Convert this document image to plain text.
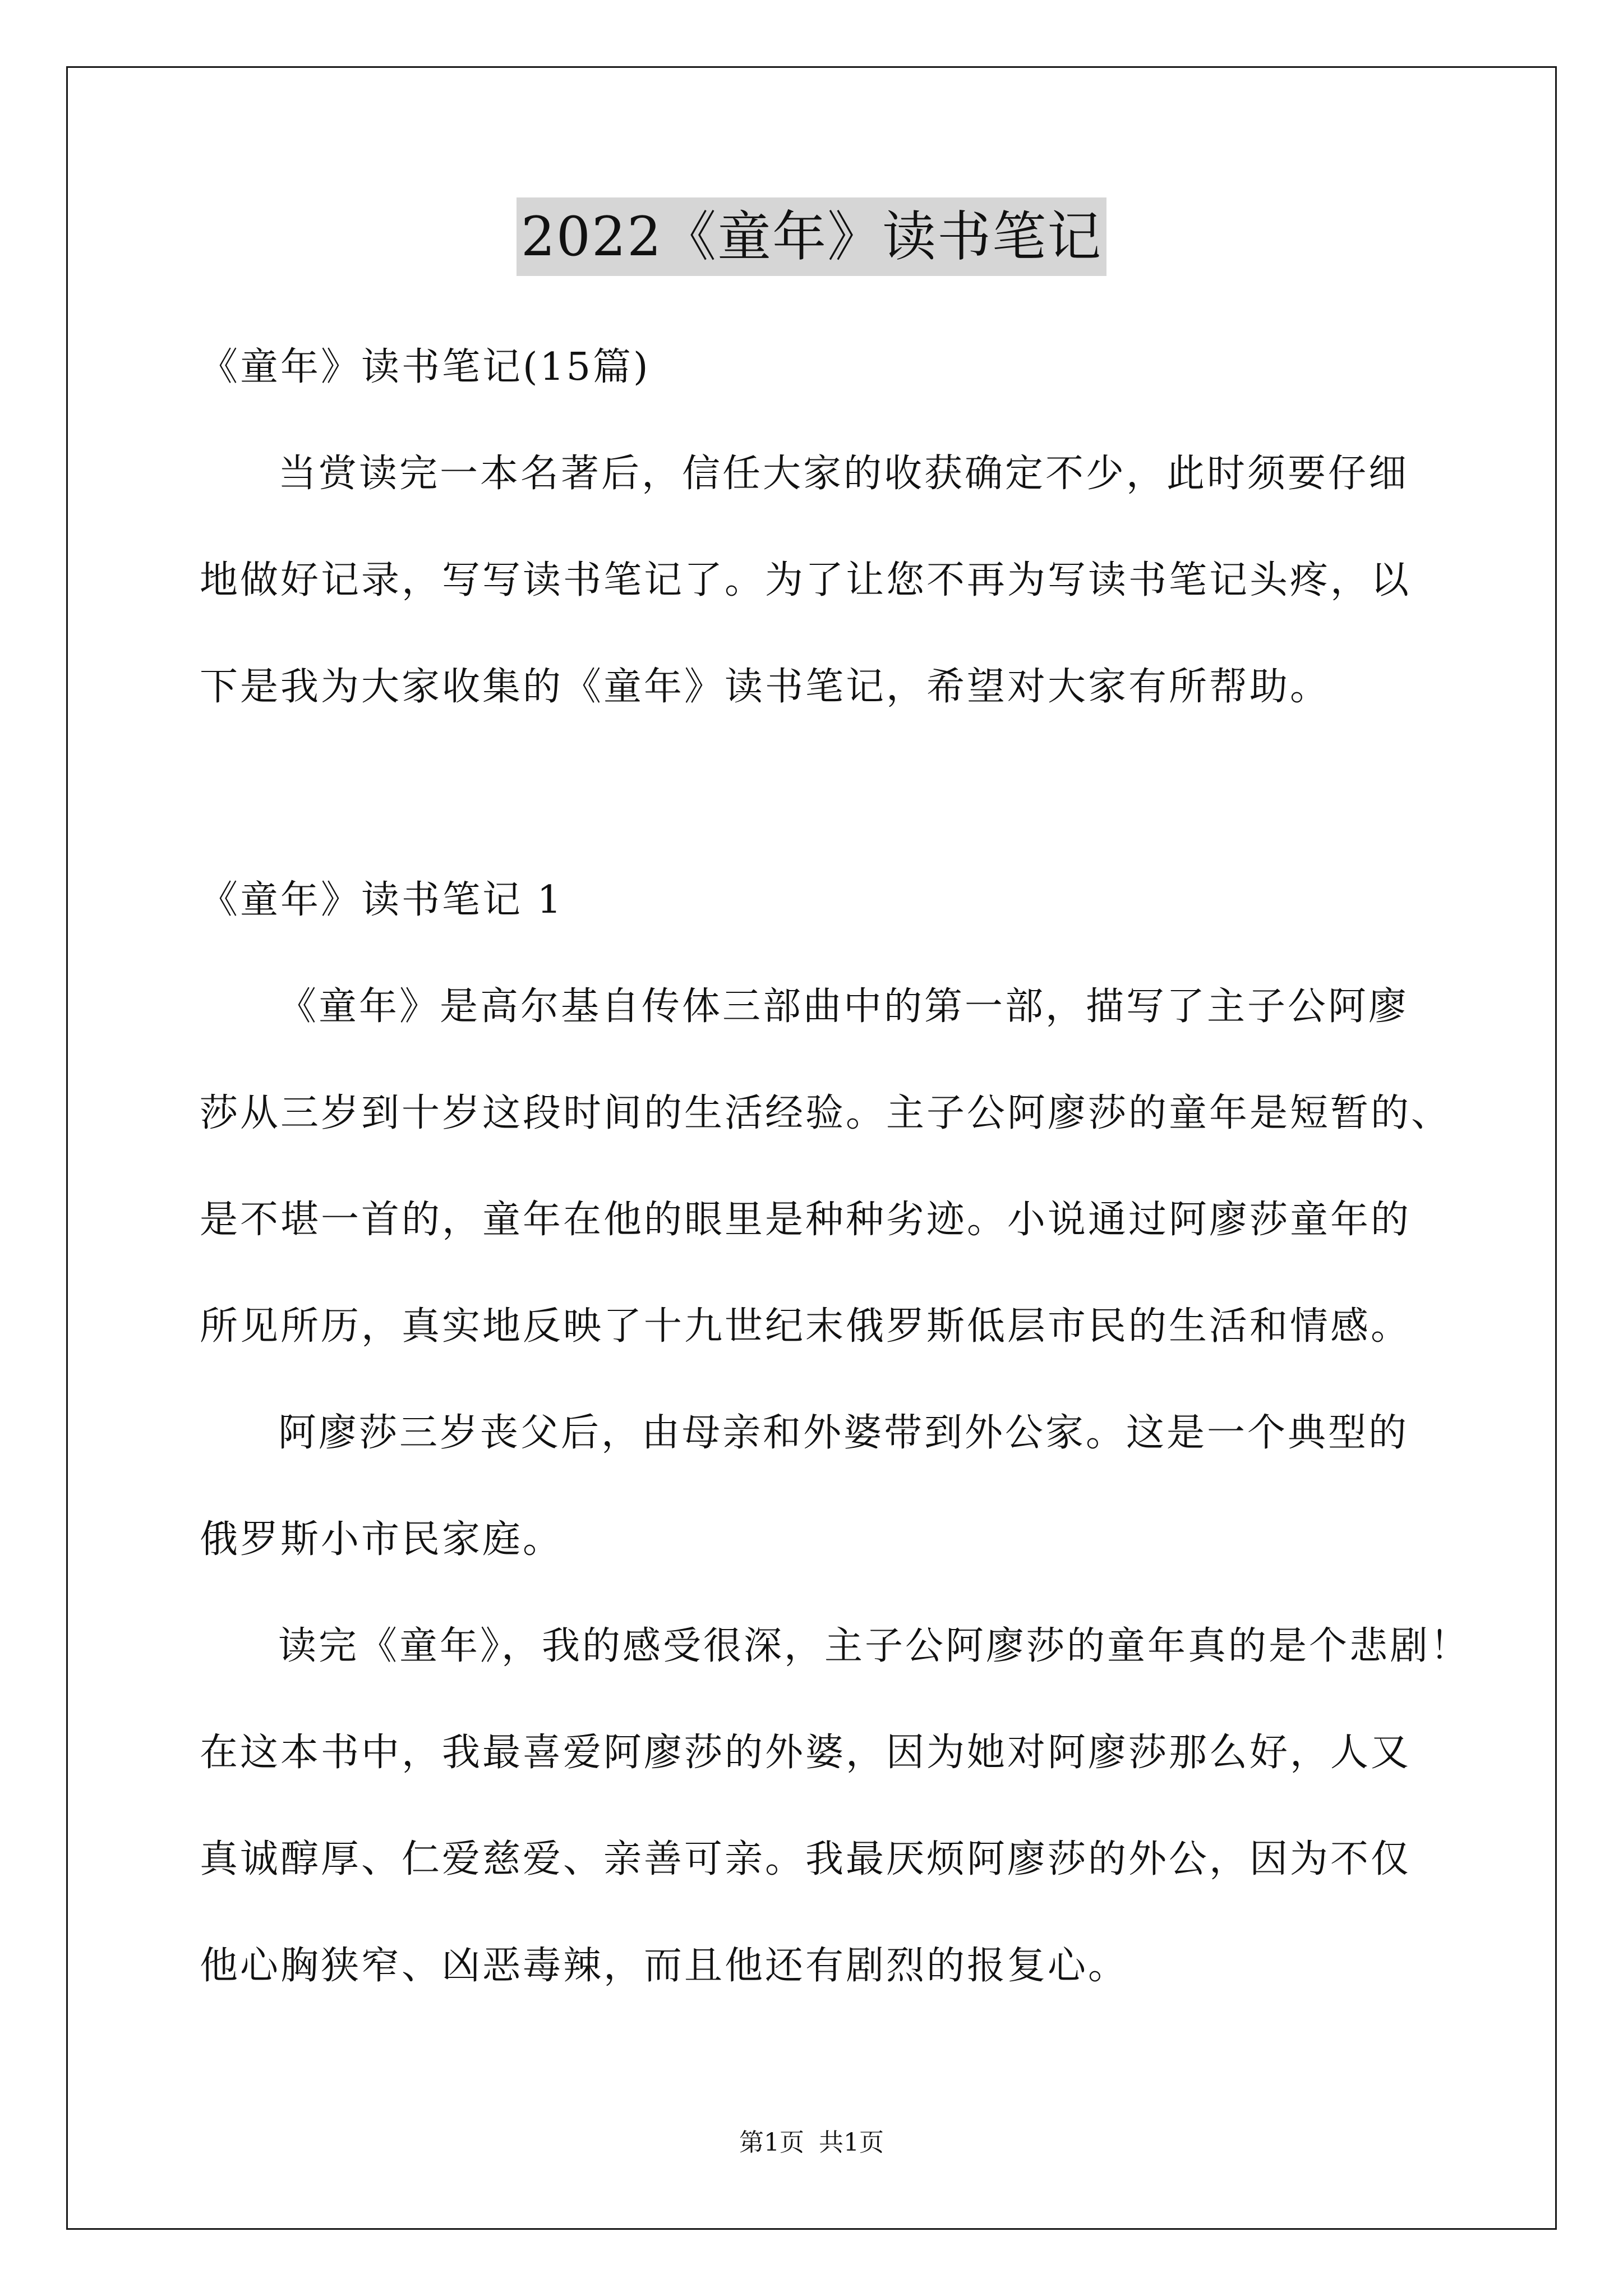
2022《童年》读书笔记
《童年》读书笔记(15篇)
当赏读完一本名著后，信任大家的收获确定不少，此时须要仔细
地做好记录，写写读书笔记了。为了让您不再为写读书笔记头疼，以
下是我为大家收集的《童年》读书笔记，希望对大家有所帮助。
《童年》读书笔记 1
《童年》是高尔基自传体三部曲中的第一部，描写了主子公阿廖
莎从三岁到十岁这段时间的生活经验。主子公阿廖莎的童年是短暂的、
是不堪一首的，童年在他的眼里是种种劣迹。小说通过阿廖莎童年的
所见所历，真实地反映了十九世纪末俄罗斯低层市民的生活和情感。
阿廖莎三岁丧父后，由母亲和外婆带到外公家。这是一个典型的
俄罗斯小市民家庭。
读完《童年》，我的感受很深，主子公阿廖莎的童年真的是个悲剧！
在这本书中，我最喜爱阿廖莎的外婆，因为她对阿廖莎那么好，人又
真诚醇厚、仁爱慈爱、亲善可亲。我最厌烦阿廖莎的外公，因为不仅
他心胸狭窄、凶恶毒辣，而且他还有剧烈的报复心。
第1页 共1页
